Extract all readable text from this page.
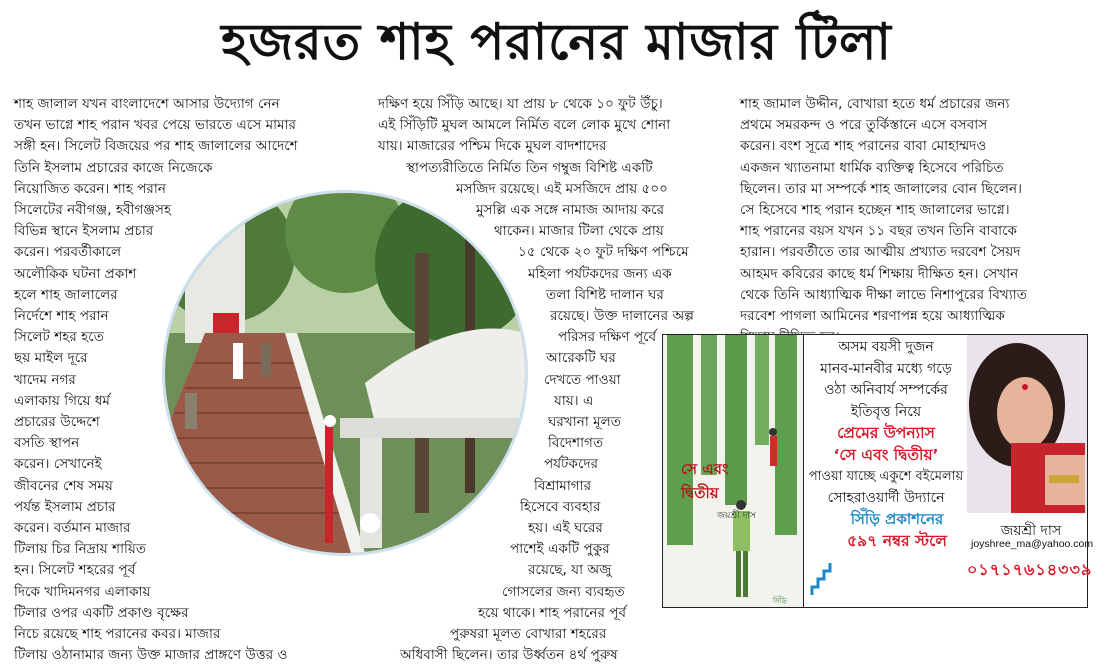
হজরত শাহ পরানের মাজার টিলা
শাহ জালাল যখন বাংলাদেশে আসার উদ্যোগ নেন
তখন ভাগ্নে শাহ পরান খবর পেয়ে ভারতে এসে মামার
সঙ্গী হন। সিলেট বিজয়ের পর শাহ জালালের আদেশে
তিনি ইসলাম প্রচারের কাজে নিজেকে
নিয়োজিত করেন। শাহ পরান
সিলেটের নবীগঞ্জ, হবীগঞ্জসহ
বিভিন্ন স্থানে ইসলাম প্রচার
করেন। পরবর্তীকালে
অলৌকিক ঘটনা প্রকাশ
হলে শাহ জালালের
নির্দেশে শাহ পরান
সিলেট শহর হতে
ছয় মাইল দূরে
খাদেম নগর
এলাকায় গিয়ে ধর্ম
প্রচারের উদ্দেশে
বসতি স্থাপন
করেন। সেখানেই
জীবনের শেষ সময়
পর্যন্ত ইসলাম প্রচার
করেন। বর্তমান মাজার
টিলায় চির নিদ্রায় শায়িত
হন। সিলেট শহরের পূর্ব
দিকে খাদিমনগর এলাকায়
টিলার ওপর একটি প্রকাণ্ড বৃক্ষের
নিচে রয়েছে শাহ পরানের কবর। মাজার
টিলায় ওঠানামার জন্য উক্ত মাজার প্রাঙ্গণে উত্তর ও
দক্ষিণ হয়ে সিঁড়ি আছে। যা প্রায় ৮ থেকে ১০ ফুট উঁচু।
এই সিঁড়িটি মুঘল আমলে নির্মিত বলে লোক মুখে শোনা
যায়। মাজারের পশ্চিম দিকে মুঘল বাদশাদের
স্থাপত্যরীতিতে নির্মিত তিন গম্বুজ বিশিষ্ট একটি
মসজিদ রয়েছে। এই মসজিদে প্রায় ৫০০
মুসল্লি এক সঙ্গে নামাজ আদায় করে
থাকেন। মাজার টিলা থেকে প্রায়
১৫ থেকে ২০ ফুট দক্ষিণ পশ্চিমে
মহিলা পর্যটকদের জন্য এক
তলা বিশিষ্ট দালান ঘর
রয়েছে। উক্ত দালানের অল্প
পরিসর দক্ষিণ পূর্বে
আরেকটি ঘর
দেখতে পাওয়া
যায়। এ
ঘরখানা মূলত
বিদেশাগত
পর্যটকদের
বিশ্রামাগার
হিসেবে ব্যবহার
হয়। এই ঘরের
পাশেই একটি পুকুর
রয়েছে, যা অজু
গোসলের জন্য ব্যবহৃত
হয়ে থাকে। শাহ পরানের পূর্ব
পুরুষরা মূলত বোখারা শহরের
অধিবাসী ছিলেন। তার উর্ধ্বতন ৪র্থ পুরুষ
শাহ জামাল উদ্দীন, বোখারা হতে ধর্ম প্রচারের জন্য
প্রথমে সমরকন্দ ও পরে তুর্কিস্তানে এসে বসবাস
করেন। বংশ সূত্রে শাহ পরানের বাবা মোহাম্মদও
একজন খ্যাতনামা ধার্মিক ব্যক্তিত্ব হিসেবে পরিচিত
ছিলেন। তার মা সম্পর্কে শাহ জালালের বোন ছিলেন।
সে হিসেবে শাহ পরান হচ্ছেন শাহ জালালের ভাগ্নে।
শাহ পরানের বয়স যখন ১১ বছর তখন তিনি বাবাকে
হারান। পরবর্তীতে তার আত্মীয় প্রখ্যাত দরবেশ সৈয়দ
আহমদ কবিরের কাছে ধর্ম শিক্ষায় দীক্ষিত হন। সেখান
থেকে তিনি আধ্যাত্মিক দীক্ষা লাভে নিশাপুরের বিখ্যাত
দরবেশ পাগলা আমিনের শরণাপন্ন হয়ে আধ্যাত্মিক
সিঁড়ি
সে এবং
দ্বিতীয়
জয়শ্রী দাস
অসম বয়সী দুজন
মানব-মানবীর মধ্যে গড়ে
ওঠা অনিবার্য সম্পর্কের
ইতিবৃত্ত নিয়ে
প্রেমের উপন্যাস
‘সে এবং দ্বিতীয়’
পাওয়া যাচ্ছে একুশে বইমেলায়
সোহরাওয়ার্দী উদ্যানে
সিঁড়ি প্রকাশনের
৫৯৭ নম্বর স্টলে
জয়শ্রী দাস
joyshree_ma@yahoo.com
০১৭১৭৬১৪৩৩৯
